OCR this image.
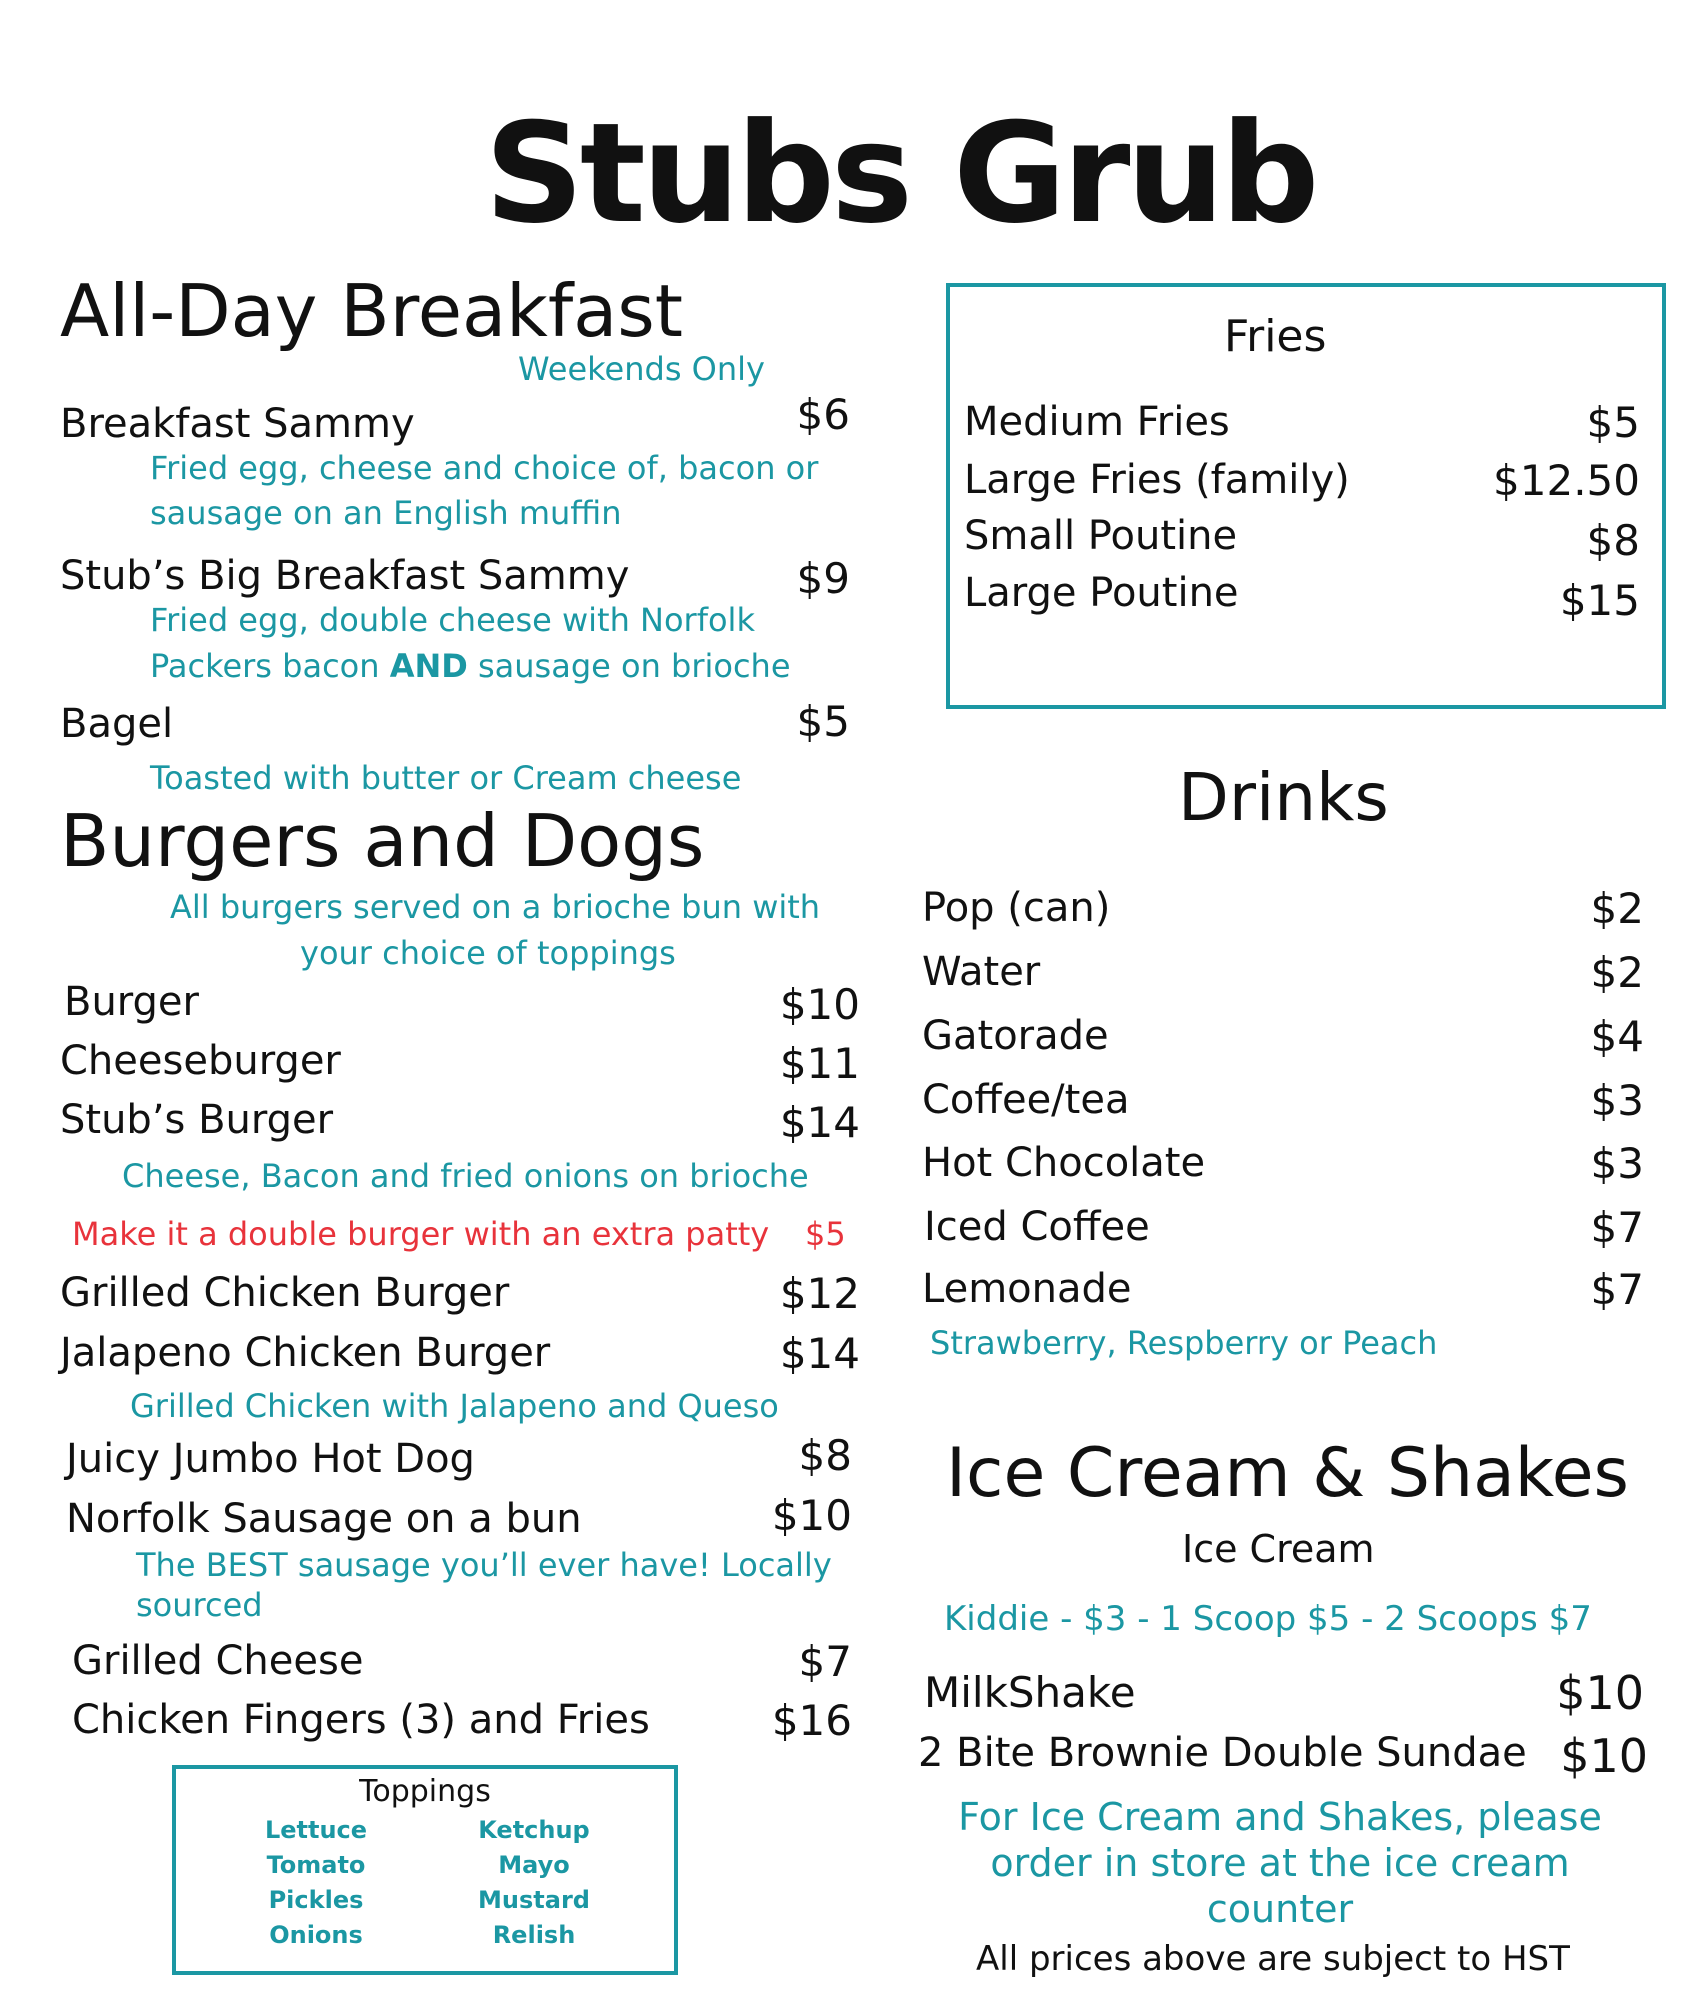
Stubs Grub
All-Day Breakfast
Weekends Only
Breakfast Sammy	$6
Fried egg, cheese and choice of, bacon or
sausage on an English muffin
Stub’s Big Breakfast Sammy	$9
Fried egg, double cheese with Norfolk
Packers bacon AND sausage on brioche
Bagel	$5
Toasted with butter or Cream cheese
Burgers and Dogs
All burgers served on a brioche bun with
your choice of toppings
Burger	$10
Cheeseburger	$11
Stub’s Burger	$14
Cheese, Bacon and fried onions on brioche
Make it a double burger with an extra patty $5
Grilled Chicken Burger	$12
Jalapeno Chicken Burger	$14
Grilled Chicken with Jalapeno and Queso
Juicy Jumbo Hot Dog	$8
Norfolk Sausage on a bun	$10
The BEST sausage you’ll ever have! Locally
sourced
Grilled Cheese	$7
Chicken Fingers (3) and Fries	$16
Toppings
Lettuce
Tomato
Pickles
Onions
Ketchup
Mayo
Mustard
Relish
Fries
Medium Fries	$5
Large Fries (family)	$12.50
Small Poutine	$8
Large Poutine	$15
Drinks
Pop (can)	$2
Water	$2
Gatorade	$4
Coffee/tea	$3
Hot Chocolate	$3
Iced Coffee	$7
Lemonade	$7
Strawberry, Respberry or Peach
Ice Cream & Shakes
Ice Cream
Kiddie - $3 - 1 Scoop $5 - 2 Scoops $7
MilkShake	$10
2 Bite Brownie Double Sundae $10
For Ice Cream and Shakes, please
order in store at the ice cream
counter
All prices above are subject to HST
